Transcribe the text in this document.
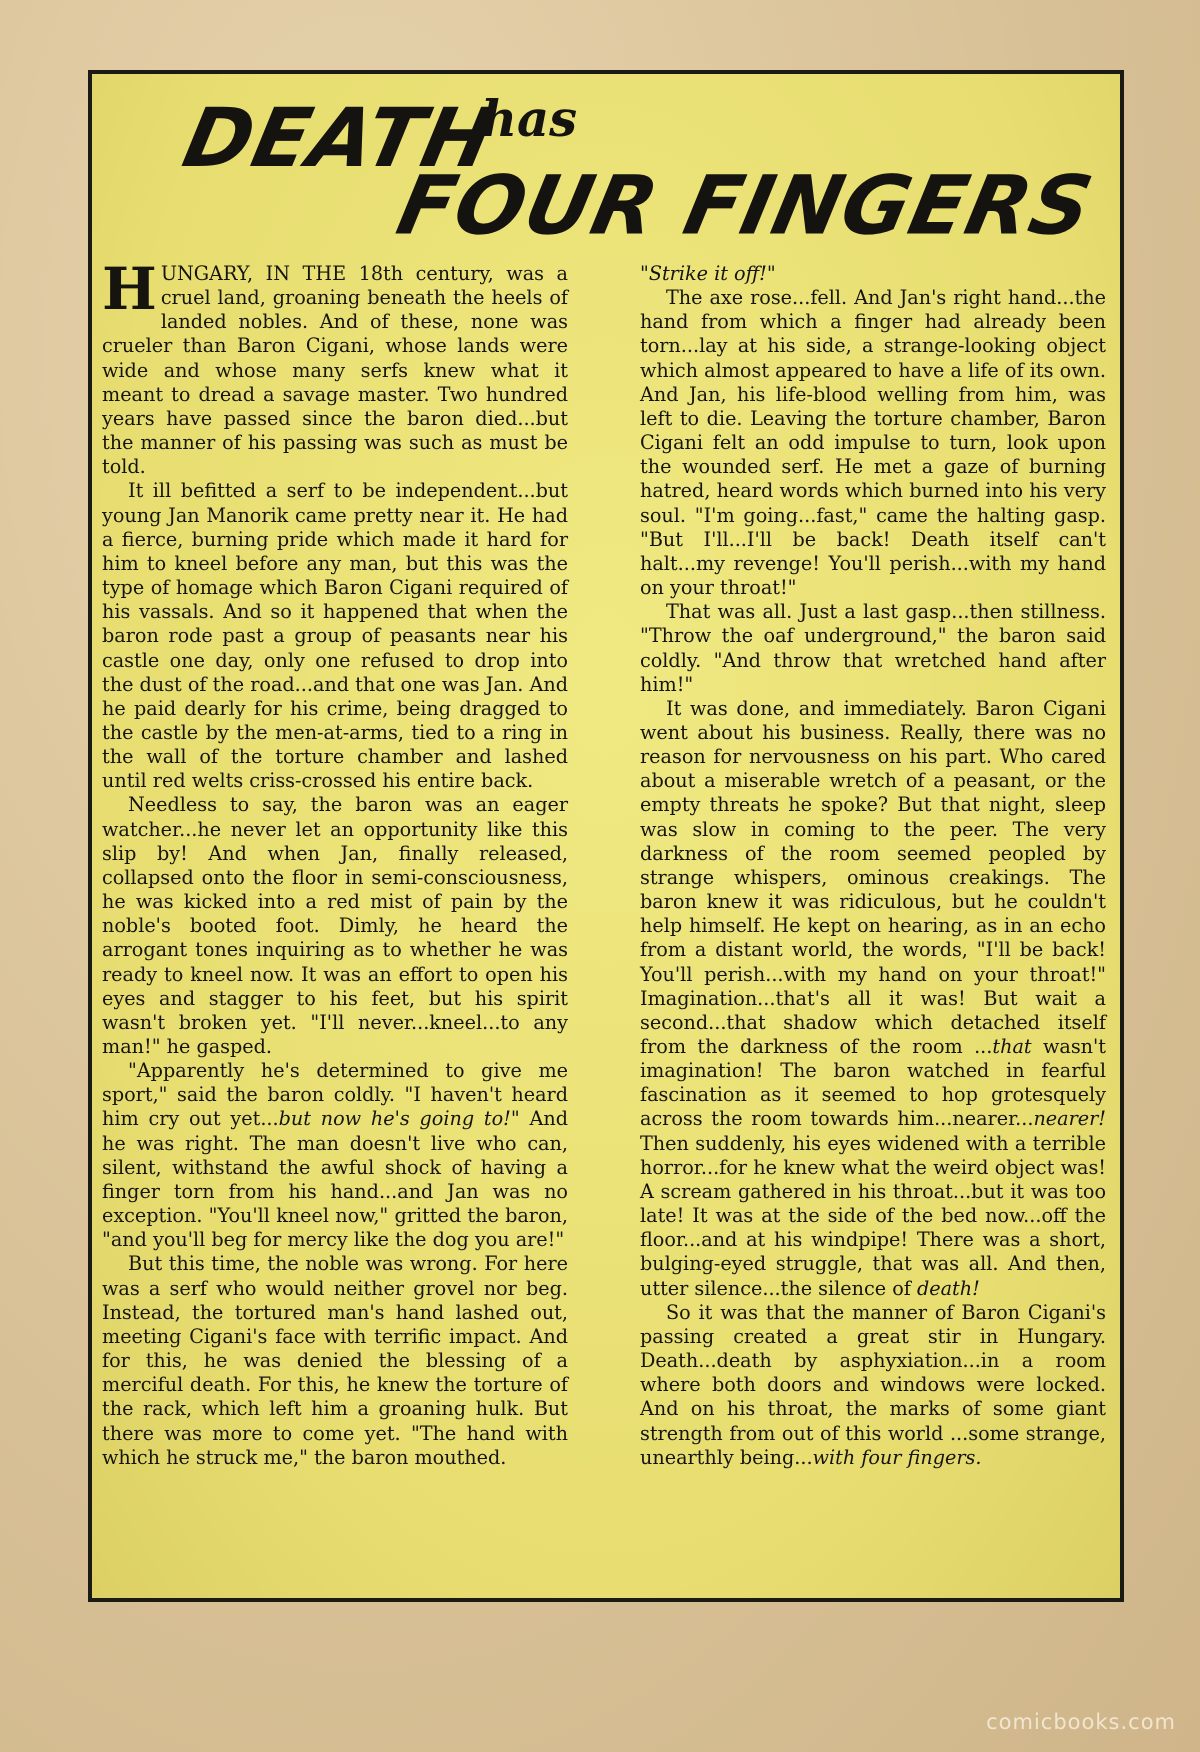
DEATH
has
FOUR FINGERS

HUNGARY, IN THE 18th century, was a cruel land, groaning beneath the heels of landed nobles. And of these, none was crueler than Baron Cigani, whose lands were wide and whose many serfs knew what it meant to dread a savage master. Two hundred years have passed since the baron died...but the manner of his passing was such as must be told.

It ill befitted a serf to be independent...but young Jan Manorik came pretty near it. He had a fierce, burning pride which made it hard for him to kneel before any man, but this was the type of homage which Baron Cigani required of his vassals. And so it happened that when the baron rode past a group of peasants near his castle one day, only one refused to drop into the dust of the road...and that one was Jan. And he paid dearly for his crime, being dragged to the castle by the men-at-arms, tied to a ring in the wall of the torture chamber and lashed until red welts criss-crossed his entire back.

Needless to say, the baron was an eager watcher...he never let an opportunity like this slip by! And when Jan, finally released, collapsed onto the floor in semi-consciousness, he was kicked into a red mist of pain by the noble's booted foot. Dimly, he heard the arrogant tones inquiring as to whether he was ready to kneel now. It was an effort to open his eyes and stagger to his feet, but his spirit wasn't broken yet. "I'll never...kneel...to any man!" he gasped.

"Apparently he's determined to give me sport," said the baron coldly. "I haven't heard him cry out yet...but now he's going to!" And he was right. The man doesn't live who can, silent, withstand the awful shock of having a finger torn from his hand...and Jan was no exception. "You'll kneel now," gritted the baron, "and you'll beg for mercy like the dog you are!"

But this time, the noble was wrong. For here was a serf who would neither grovel nor beg. Instead, the tortured man's hand lashed out, meeting Cigani's face with terrific impact. And for this, he was denied the blessing of a merciful death. For this, he knew the torture of the rack, which left him a groaning hulk. But there was more to come yet. "The hand with which he struck me," the baron mouthed.

"Strike it off!"

The axe rose...fell. And Jan's right hand...the hand from which a finger had already been torn...lay at his side, a strange-looking object which almost appeared to have a life of its own. And Jan, his life-blood welling from him, was left to die. Leaving the torture chamber, Baron Cigani felt an odd impulse to turn, look upon the wounded serf. He met a gaze of burning hatred, heard words which burned into his very soul. "I'm going...fast," came the halting gasp. "But I'll...I'll be back! Death itself can't halt...my revenge! You'll perish...with my hand on your throat!"

That was all. Just a last gasp...then stillness. "Throw the oaf underground," the baron said coldly. "And throw that wretched hand after him!"

It was done, and immediately. Baron Cigani went about his business. Really, there was no reason for nervousness on his part. Who cared about a miserable wretch of a peasant, or the empty threats he spoke? But that night, sleep was slow in coming to the peer. The very darkness of the room seemed peopled by strange whispers, ominous creakings. The baron knew it was ridiculous, but he couldn't help himself. He kept on hearing, as in an echo from a distant world, the words, "I'll be back! You'll perish...with my hand on your throat!" Imagination...that's all it was! But wait a second...that shadow which detached itself from the darkness of the room ...that wasn't imagination! The baron watched in fearful fascination as it seemed to hop grotesquely across the room towards him...nearer...nearer! Then suddenly, his eyes widened with a terrible horror...for he knew what the weird object was! A scream gathered in his throat...but it was too late! It was at the side of the bed now...off the floor...and at his windpipe! There was a short, bulging-eyed struggle, that was all. And then, utter silence...the silence of death!

So it was that the manner of Baron Cigani's passing created a great stir in Hungary. Death...death by asphyxiation...in a room where both doors and windows were locked. And on his throat, the marks of some giant strength from out of this world ...some strange, unearthly being...with four fingers.

comicbooks.com
